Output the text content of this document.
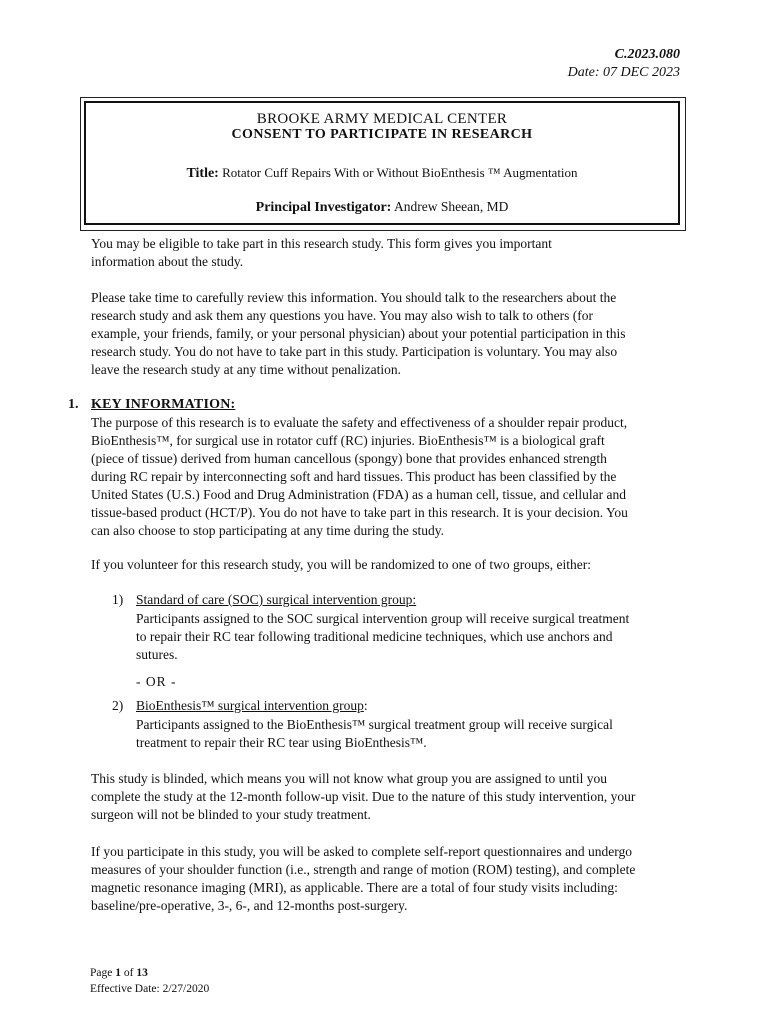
C.2023.080
Date: 07 DEC 2023
BROOKE ARMY MEDICAL CENTER
CONSENT TO PARTICIPATE IN RESEARCH
Title: Rotator Cuff Repairs With or Without BioEnthesis ™ Augmentation
Principal Investigator: Andrew Sheean, MD
You may be eligible to take part in this research study. This form gives you important
information about the study.
Please take time to carefully review this information. You should talk to the researchers about the
research study and ask them any questions you have. You may also wish to talk to others (for
example, your friends, family, or your personal physician) about your potential participation in this
research study. You do not have to take part in this study. Participation is voluntary. You may also
leave the research study at any time without penalization.
1. KEY INFORMATION:
The purpose of this research is to evaluate the safety and effectiveness of a shoulder repair product,
BioEnthesis™, for surgical use in rotator cuff (RC) injuries. BioEnthesis™ is a biological graft
(piece of tissue) derived from human cancellous (spongy) bone that provides enhanced strength
during RC repair by interconnecting soft and hard tissues. This product has been classified by the
United States (U.S.) Food and Drug Administration (FDA) as a human cell, tissue, and cellular and
tissue-based product (HCT/P). You do not have to take part in this research. It is your decision. You
can also choose to stop participating at any time during the study.
If you volunteer for this research study, you will be randomized to one of two groups, either:
1) Standard of care (SOC) surgical intervention group:
Participants assigned to the SOC surgical intervention group will receive surgical treatment
to repair their RC tear following traditional medicine techniques, which use anchors and
sutures.
- OR -
2) BioEnthesis™ surgical intervention group:
Participants assigned to the BioEnthesis™ surgical treatment group will receive surgical
treatment to repair their RC tear using BioEnthesis™.
This study is blinded, which means you will not know what group you are assigned to until you
complete the study at the 12-month follow-up visit. Due to the nature of this study intervention, your
surgeon will not be blinded to your study treatment.
If you participate in this study, you will be asked to complete self-report questionnaires and undergo
measures of your shoulder function (i.e., strength and range of motion (ROM) testing), and complete
magnetic resonance imaging (MRI), as applicable. There are a total of four study visits including:
baseline/pre-operative, 3-, 6-, and 12-months post-surgery.
Page 1 of 13
Effective Date: 2/27/2020
